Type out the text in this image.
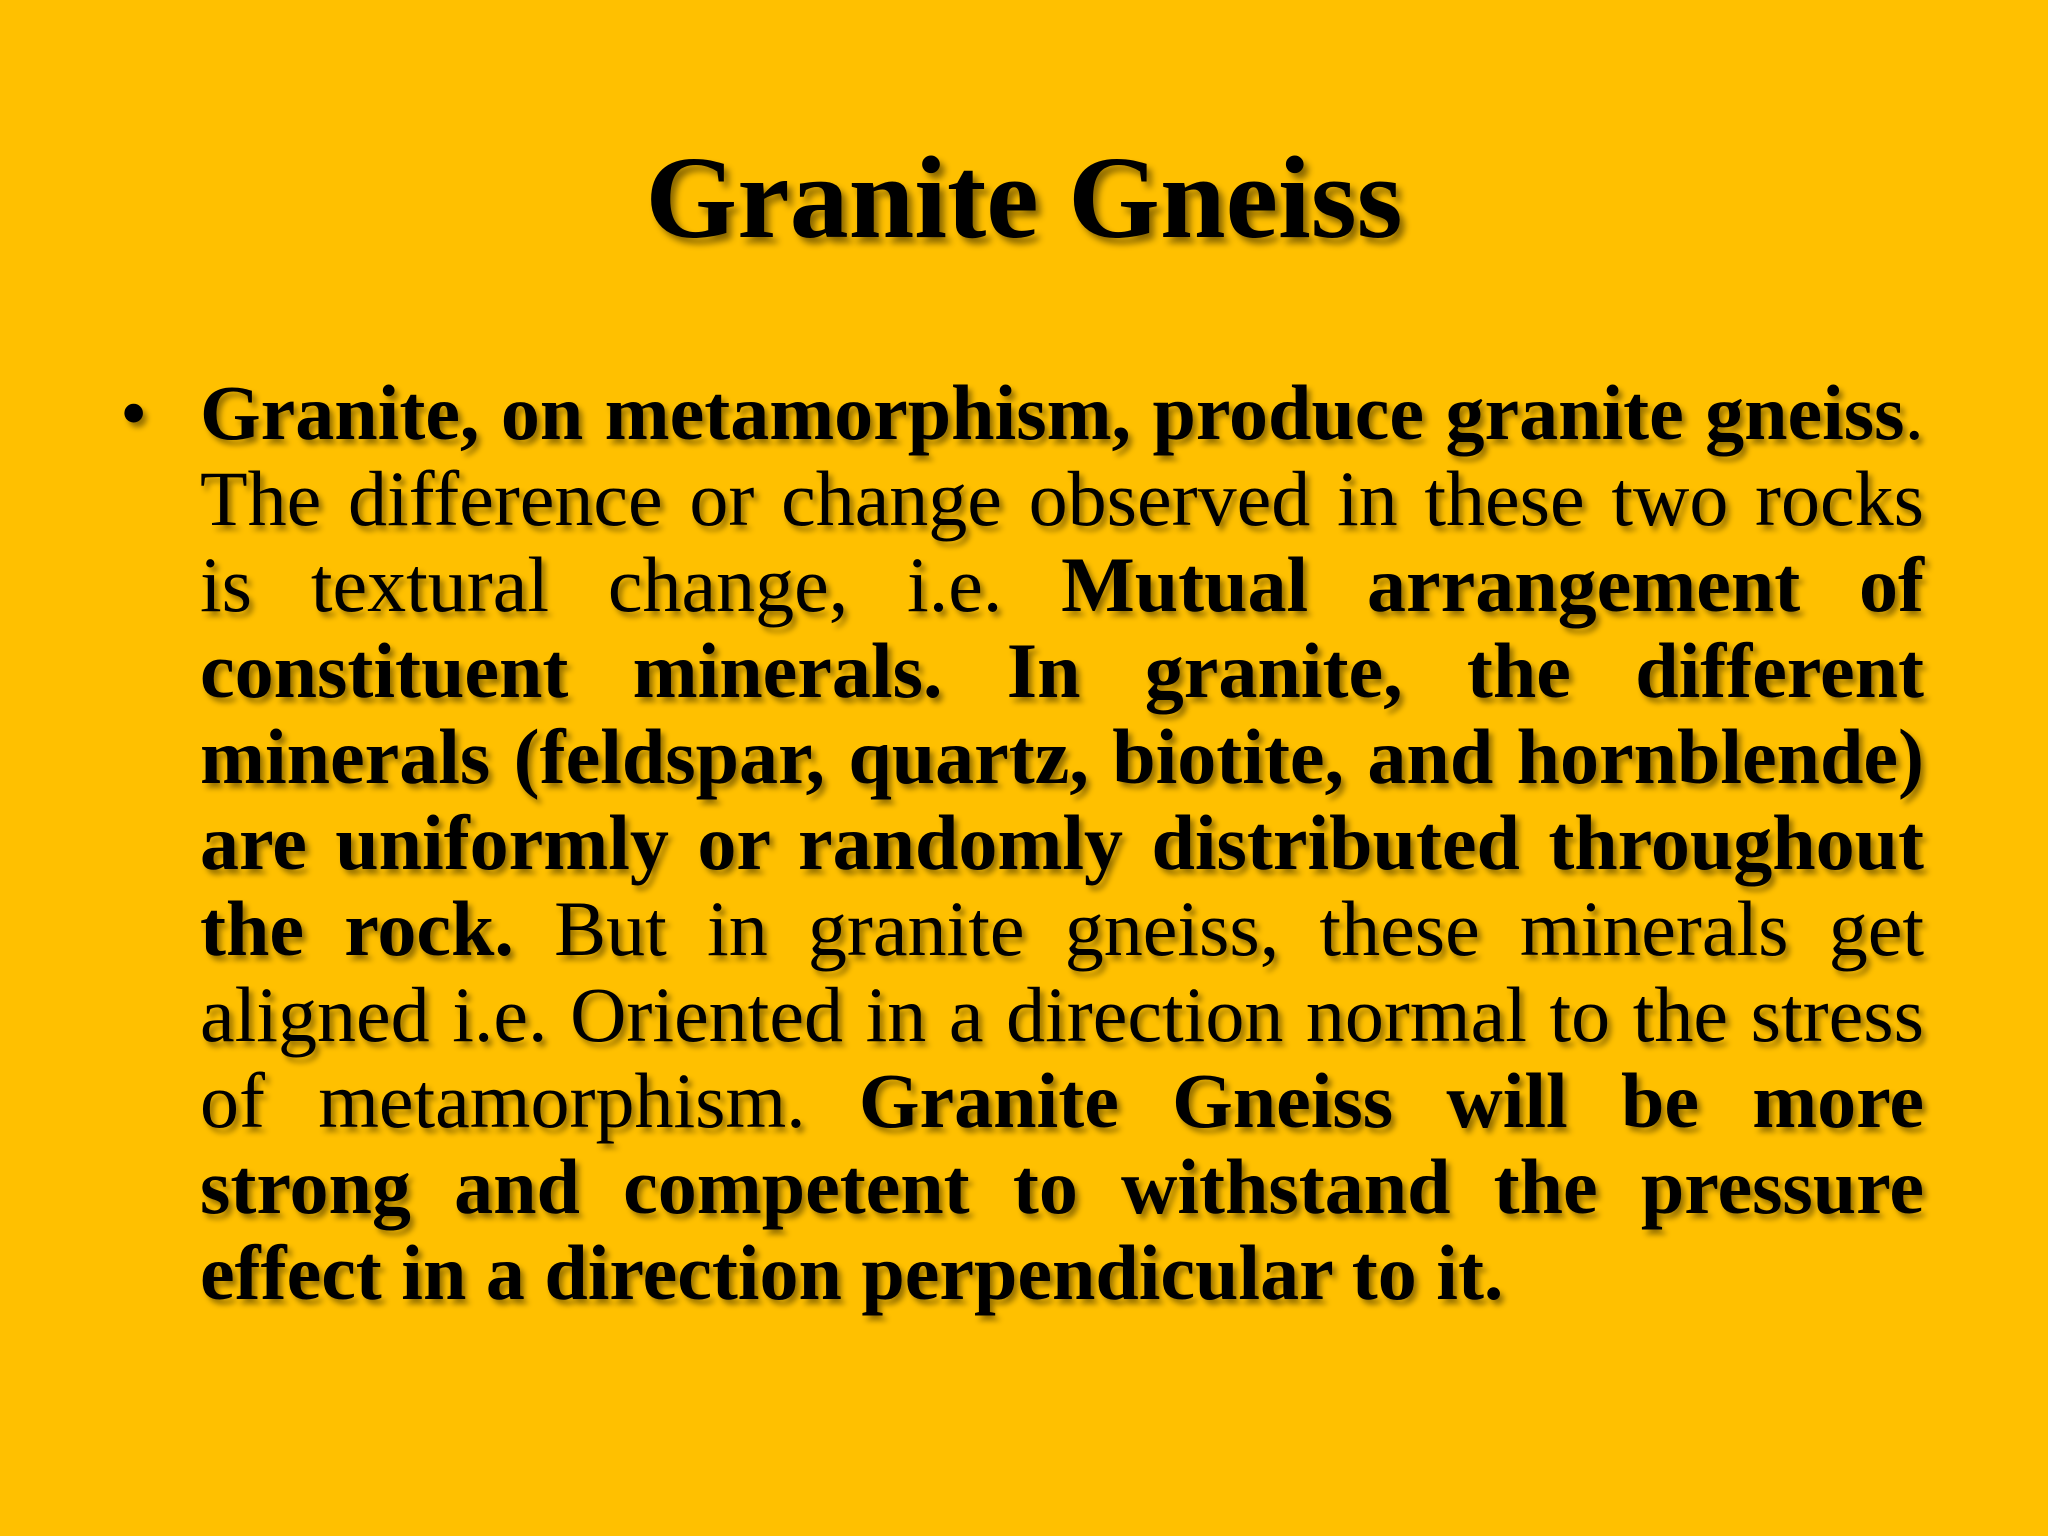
Granite Gneiss
• Granite, on metamorphism, produce granite gneiss. The difference or change observed in these two rocks is textural change, i.e. Mutual arrangement of constituent minerals. In granite, the different minerals (feldspar, quartz, biotite, and hornblende) are uniformly or randomly distributed throughout the rock. But in granite gneiss, these minerals get aligned i.e. Oriented in a direction normal to the stress of metamorphism. Granite Gneiss will be more strong and competent to withstand the pressure effect in a direction perpendicular to it.
